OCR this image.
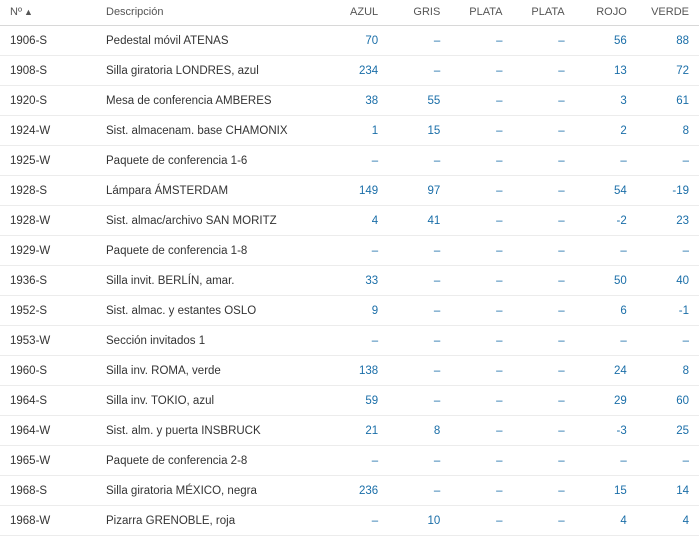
Nº ▲	Descripción	AZUL	GRIS	PLATA	PLATA	ROJO	VERDE
1906-S	Pedestal móvil ATENAS	70	–	–	–	56	88
1908-S	Silla giratoria LONDRES, azul	234	–	–	–	13	72
1920-S	Mesa de conferencia AMBERES	38	55	–	–	3	61
1924-W	Sist. almacenam. base CHAMONIX	1	15	–	–	2	8
1925-W	Paquete de conferencia 1-6	–	–	–	–	–	–
1928-S	Lámpara ÁMSTERDAM	149	97	–	–	54	-19
1928-W	Sist. almac/archivo SAN MORITZ	4	41	–	–	-2	23
1929-W	Paquete de conferencia 1-8	–	–	–	–	–	–
1936-S	Silla invit. BERLÍN, amar.	33	–	–	–	50	40
1952-S	Sist. almac. y estantes OSLO	9	–	–	–	6	-1
1953-W	Sección invitados 1	–	–	–	–	–	–
1960-S	Silla inv. ROMA, verde	138	–	–	–	24	8
1964-S	Silla inv. TOKIO, azul	59	–	–	–	29	60
1964-W	Sist. alm. y puerta INSBRUCK	21	8	–	–	-3	25
1965-W	Paquete de conferencia 2-8	–	–	–	–	–	–
1968-S	Silla giratoria MÉXICO, negra	236	–	–	–	15	14
1968-W	Pizarra GRENOBLE, roja	–	10	–	–	4	4
